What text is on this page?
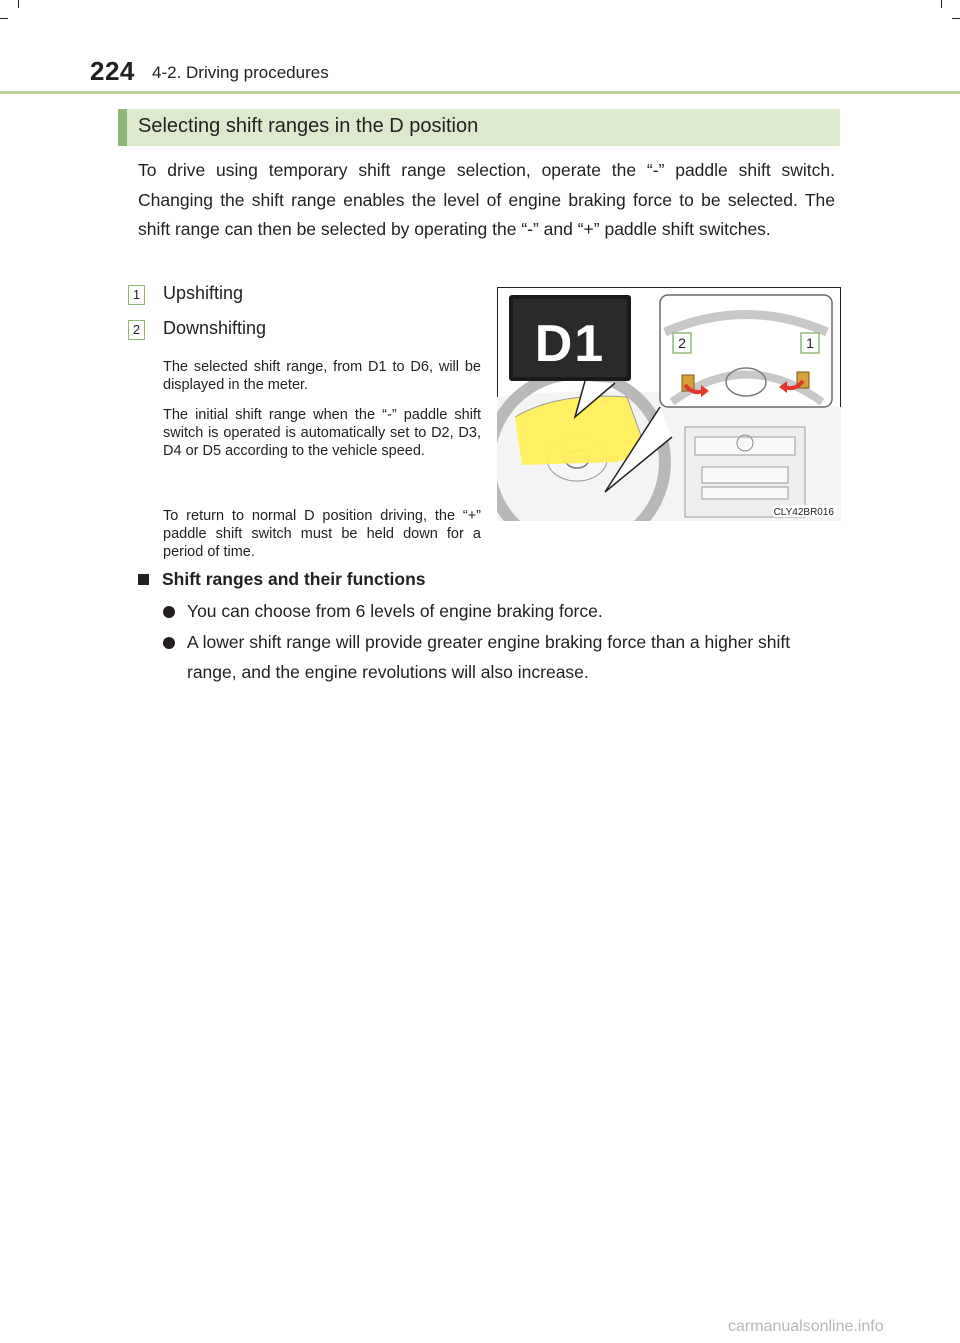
224 4-2. Driving procedures
Selecting shift ranges in the D position

To drive using temporary shift range selection, operate the “-” paddle shift switch. Changing the shift range enables the level of engine braking force to be selected. The shift range can then be selected by operating the “-” and “+” paddle shift switches.

1 Upshifting
2 Downshifting

The selected shift range, from D1 to D6, will be displayed in the meter.

The initial shift range when the “-” paddle shift switch is operated is automatically set to D2, D3, D4 or D5 according to the vehicle speed.

To return to normal D position driving, the “+” paddle shift switch must be held down for a period of time.

D1	2	1
CLY42BR016
Shift ranges and their functions
You can choose from 6 levels of engine braking force.
A lower shift range will provide greater engine braking force than a higher shift range, and the engine revolutions will also increase.
carmanualsonline.info
